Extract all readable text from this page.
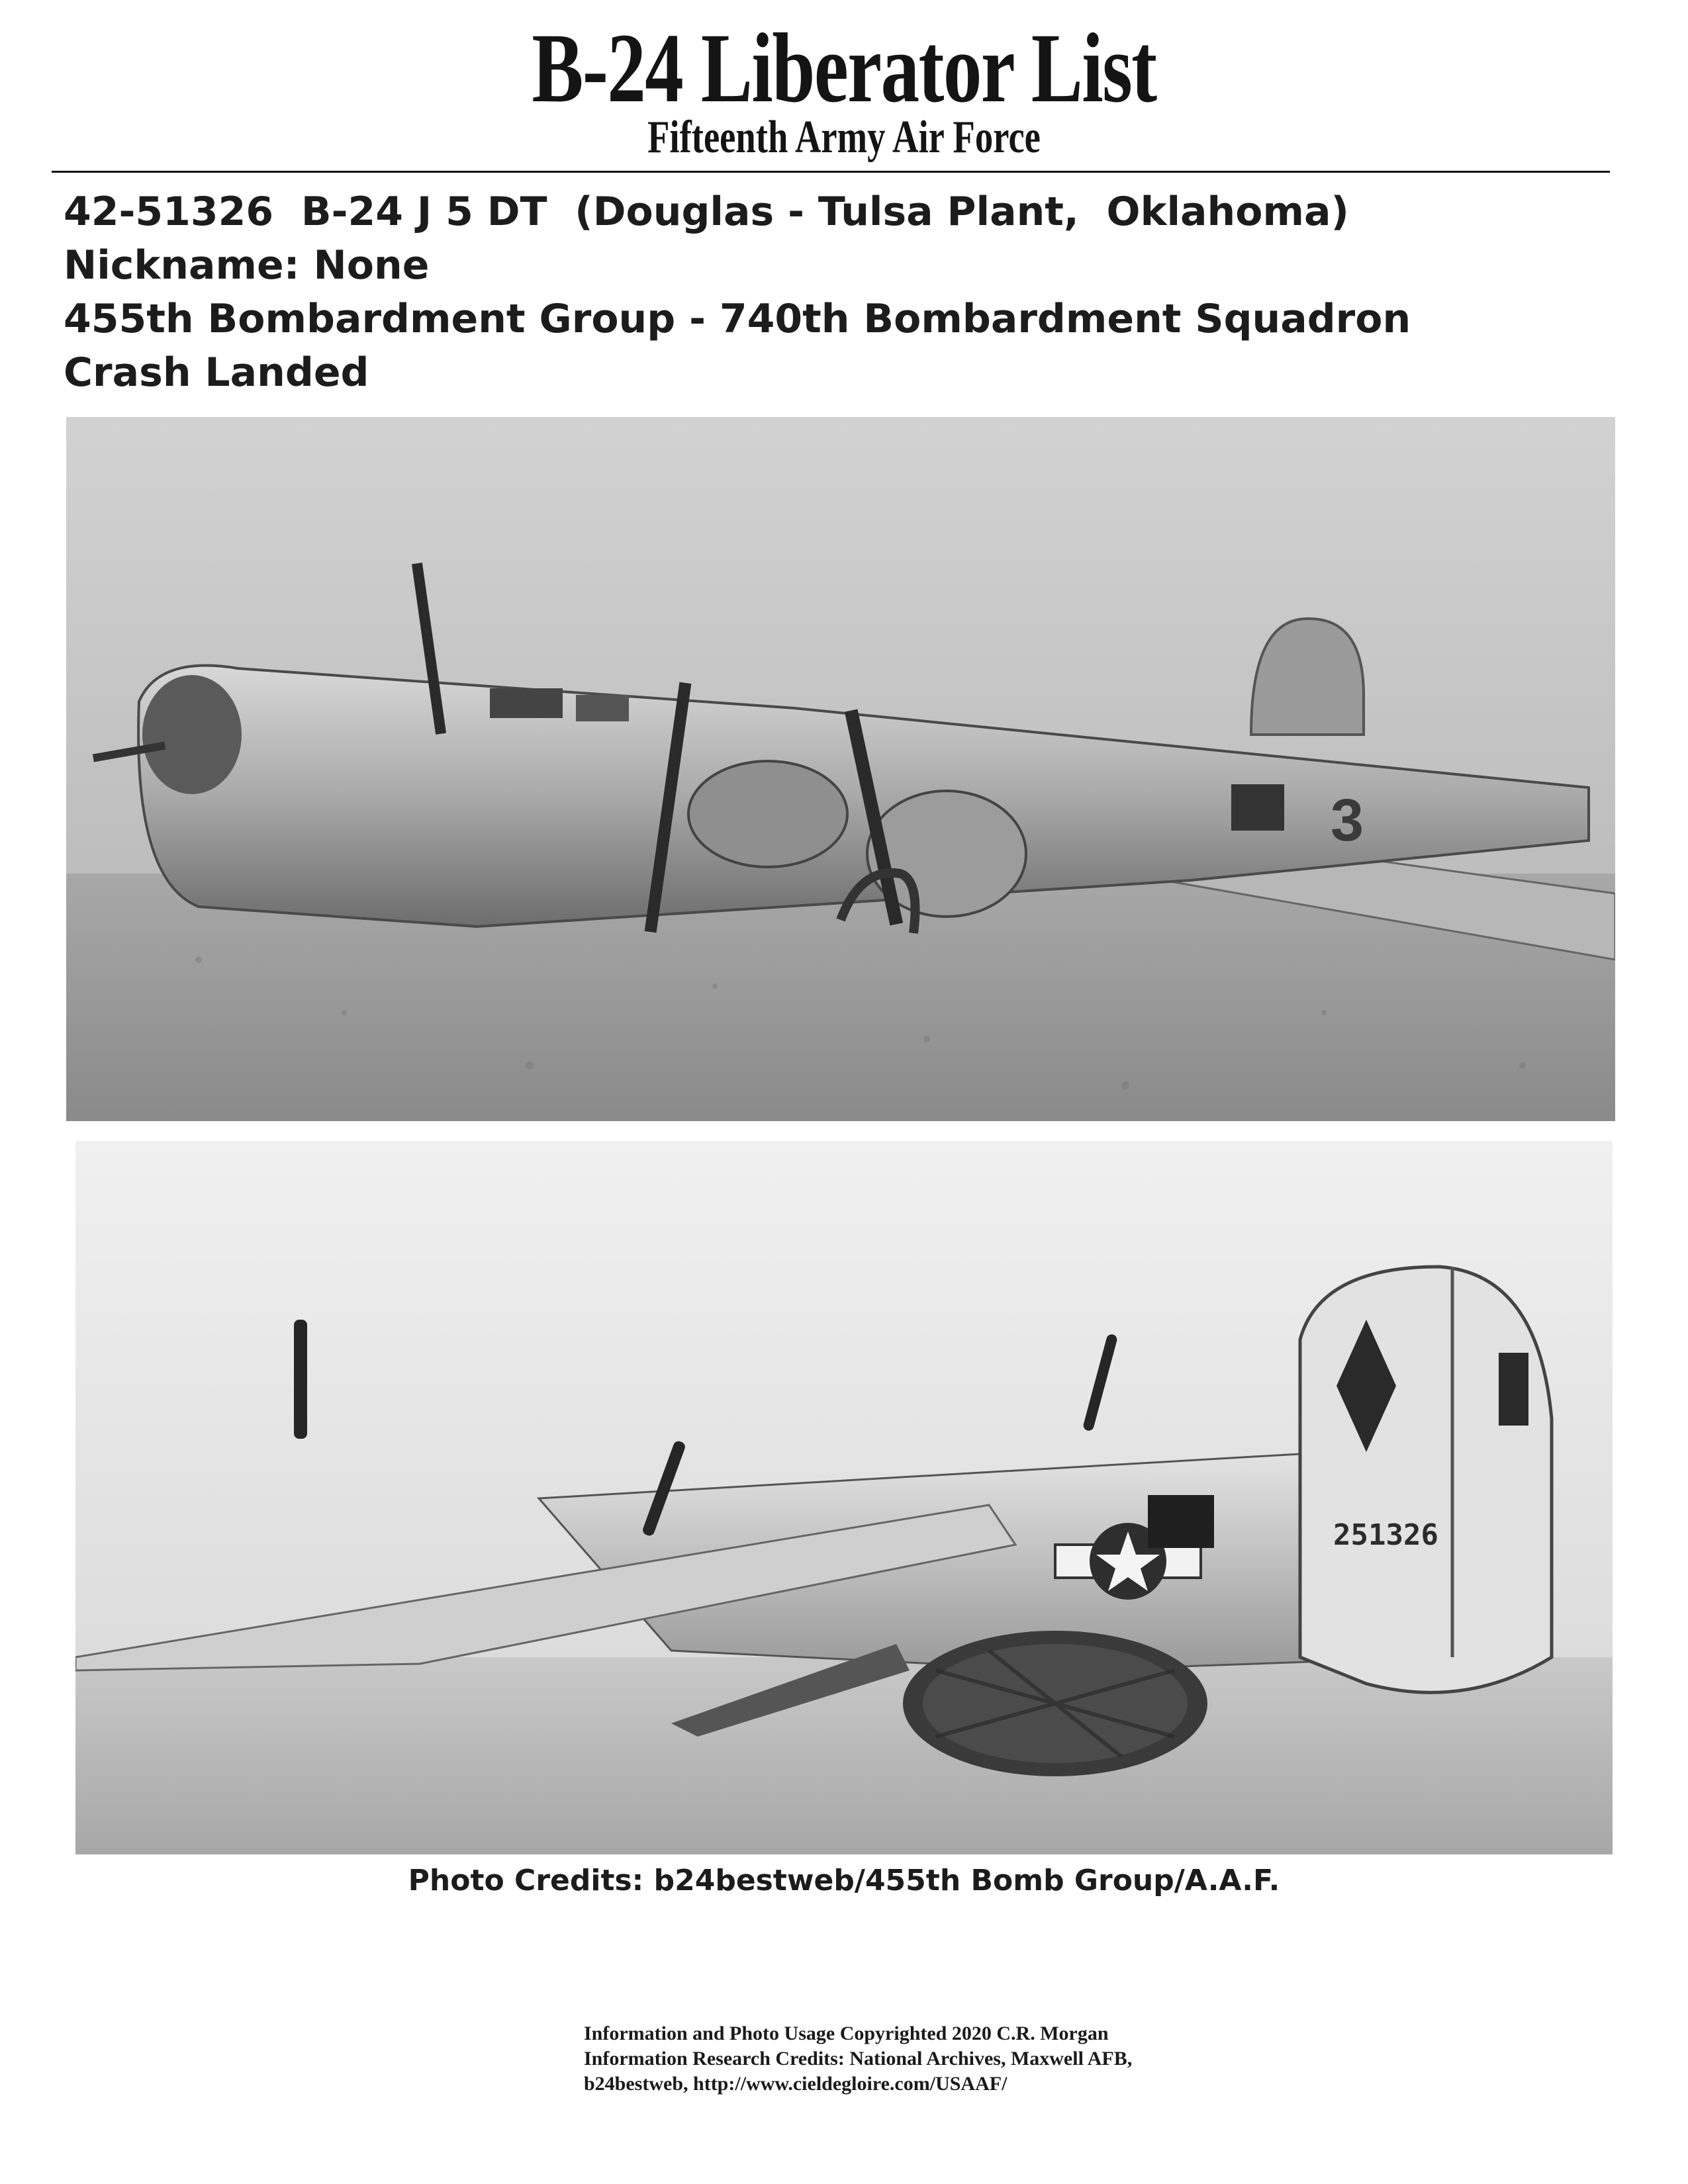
B-24 Liberator List
Fifteenth Army Air Force
42-51326  B-24 J 5 DT  (Douglas - Tulsa Plant,  Oklahoma)
Nickname: None
455th Bombardment Group - 740th Bombardment Squadron
Crash Landed
3
251326
Photo Credits: b24bestweb/455th Bomb Group/A.A.F.
Information and Photo Usage Copyrighted 2020 C.R. Morgan
Information Research Credits: National Archives, Maxwell AFB,
b24bestweb, http://www.cieldegloire.com/USAAF/
